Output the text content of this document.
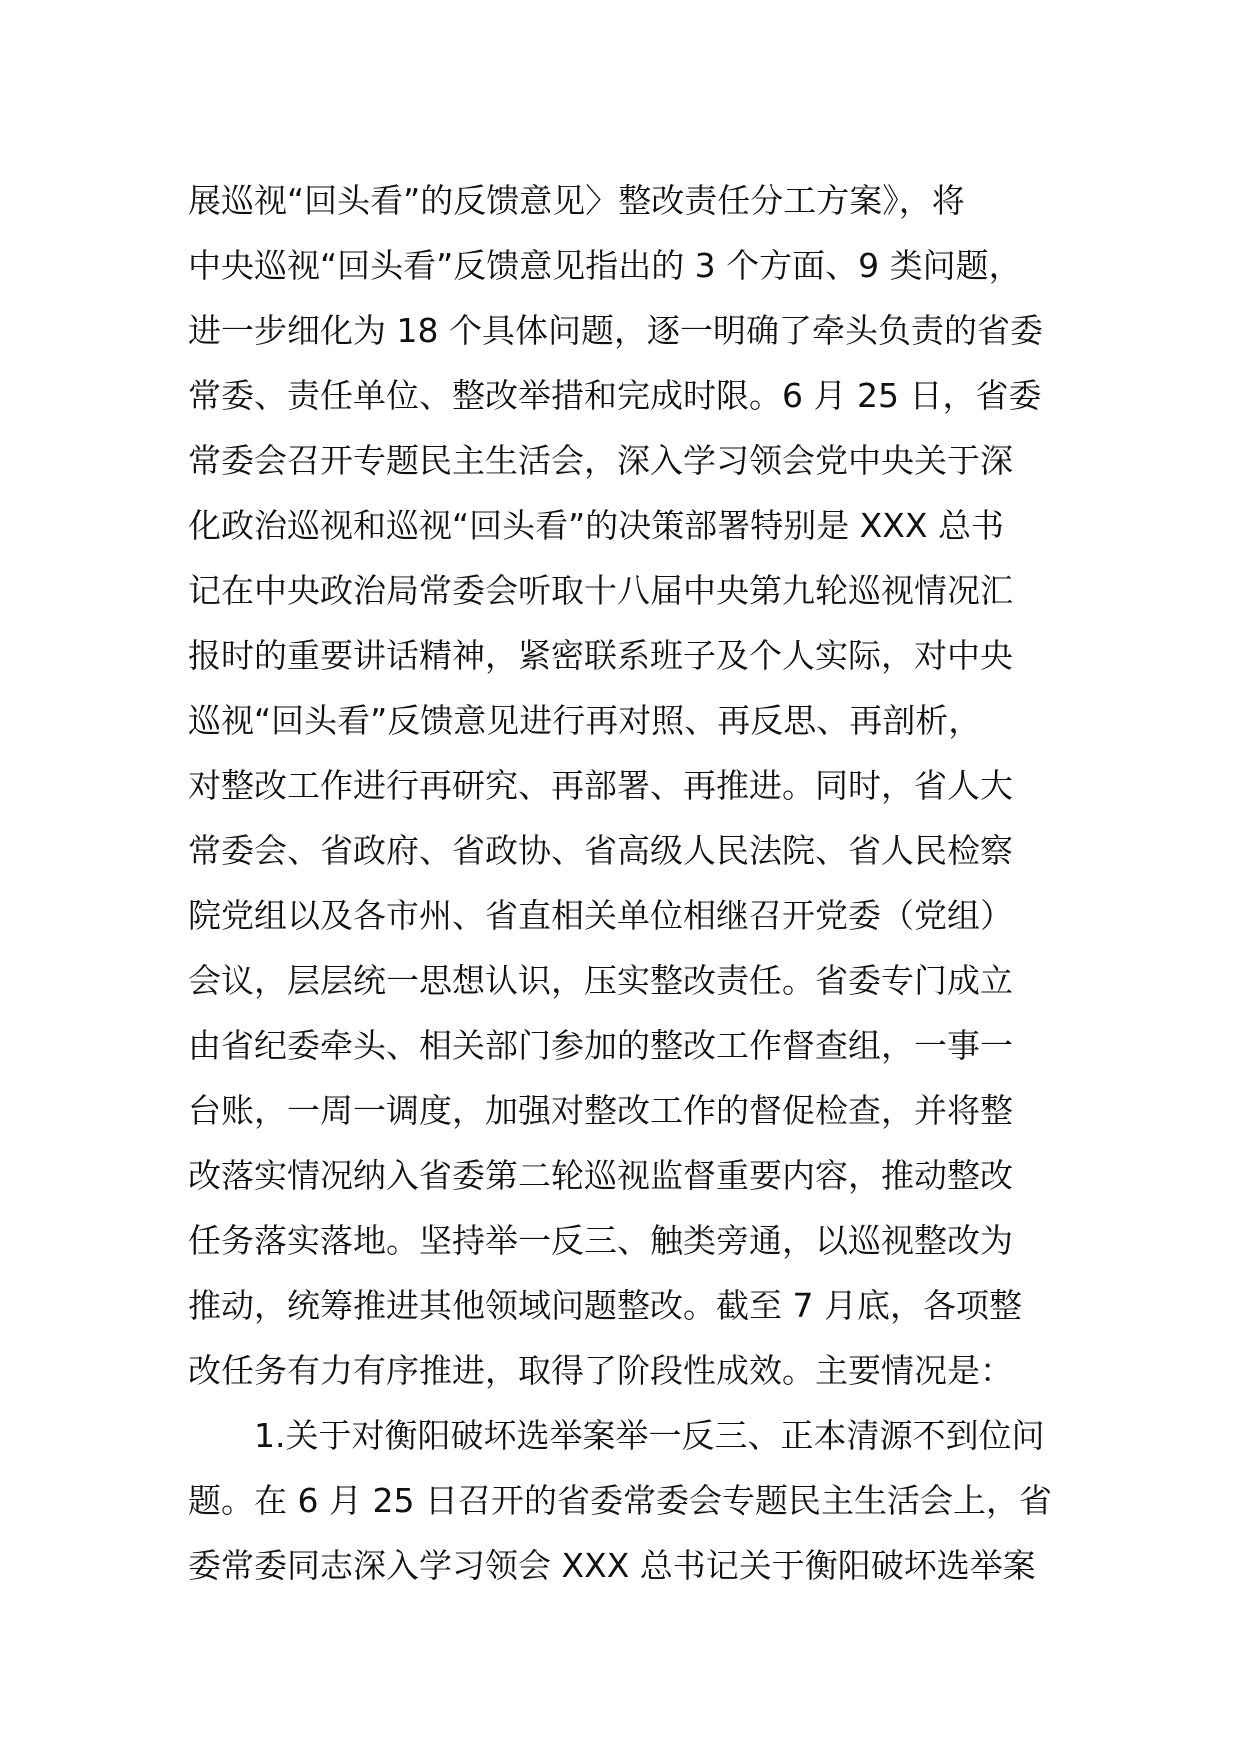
展巡视“回头看”的反馈意见〉整改责任分工方案》，将
中央巡视“回头看”反馈意见指出的 3 个方面、9 类问题，
进一步细化为 18 个具体问题，逐一明确了牵头负责的省委
常委、责任单位、整改举措和完成时限。6 月 25 日，省委
常委会召开专题民主生活会，深入学习领会党中央关于深
化政治巡视和巡视“回头看”的决策部署特别是 XXX 总书
记在中央政治局常委会听取十八届中央第九轮巡视情况汇
报时的重要讲话精神，紧密联系班子及个人实际，对中央
巡视“回头看”反馈意见进行再对照、再反思、再剖析，
对整改工作进行再研究、再部署、再推进。同时，省人大
常委会、省政府、省政协、省高级人民法院、省人民检察
院党组以及各市州、省直相关单位相继召开党委（党组）
会议，层层统一思想认识，压实整改责任。省委专门成立
由省纪委牵头、相关部门参加的整改工作督查组，一事一
台账，一周一调度，加强对整改工作的督促检查，并将整
改落实情况纳入省委第二轮巡视监督重要内容，推动整改
任务落实落地。坚持举一反三、触类旁通，以巡视整改为
推动，统筹推进其他领域问题整改。截至 7 月底，各项整
改任务有力有序推进，取得了阶段性成效。主要情况是：
1.关于对衡阳破坏选举案举一反三、正本清源不到位问
题。在 6 月 25 日召开的省委常委会专题民主生活会上，省
委常委同志深入学习领会 XXX 总书记关于衡阳破坏选举案
